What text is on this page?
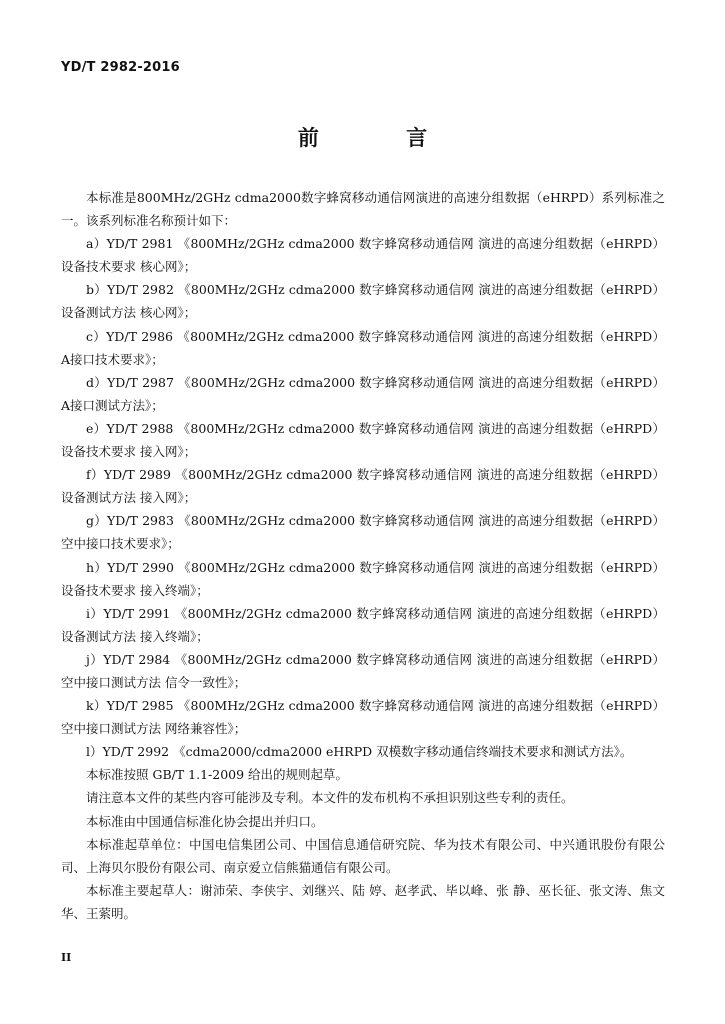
YD/T 2982-2016
前 言

本标准是800MHz/2GHz cdma2000数字蜂窝移动通信网演进的高速分组数据（eHRPD）系列标准之一。该系列标准名称预计如下：

a）YD/T 2981 《800MHz/2GHz cdma2000 数字蜂窝移动通信网 演进的高速分组数据（eHRPD）设备技术要求 核心网》；

b）YD/T 2982 《800MHz/2GHz cdma2000 数字蜂窝移动通信网 演进的高速分组数据（eHRPD）设备测试方法 核心网》；

c）YD/T 2986 《800MHz/2GHz cdma2000 数字蜂窝移动通信网 演进的高速分组数据（eHRPD）A接口技术要求》；

d）YD/T 2987 《800MHz/2GHz cdma2000 数字蜂窝移动通信网 演进的高速分组数据（eHRPD）A接口测试方法》；

e）YD/T 2988 《800MHz/2GHz cdma2000 数字蜂窝移动通信网 演进的高速分组数据（eHRPD）设备技术要求 接入网》；

f）YD/T 2989 《800MHz/2GHz cdma2000 数字蜂窝移动通信网 演进的高速分组数据（eHRPD）设备测试方法 接入网》；

g）YD/T 2983 《800MHz/2GHz cdma2000 数字蜂窝移动通信网 演进的高速分组数据（eHRPD）空中接口技术要求》；

h）YD/T 2990 《800MHz/2GHz cdma2000 数字蜂窝移动通信网 演进的高速分组数据（eHRPD）设备技术要求 接入终端》；

i）YD/T 2991 《800MHz/2GHz cdma2000 数字蜂窝移动通信网 演进的高速分组数据（eHRPD）设备测试方法 接入终端》；

j）YD/T 2984 《800MHz/2GHz cdma2000 数字蜂窝移动通信网 演进的高速分组数据（eHRPD）空中接口测试方法 信令一致性》；

k）YD/T 2985 《800MHz/2GHz cdma2000 数字蜂窝移动通信网 演进的高速分组数据（eHRPD）空中接口测试方法 网络兼容性》；

l）YD/T 2992 《cdma2000/cdma2000 eHRPD 双模数字移动通信终端技术要求和测试方法》。

本标准按照 GB/T 1.1-2009 给出的规则起草。

请注意本文件的某些内容可能涉及专利。本文件的发布机构不承担识别这些专利的责任。

本标准由中国通信标准化协会提出并归口。

本标准起草单位：中国电信集团公司、中国信息通信研究院、华为技术有限公司、中兴通讯股份有限公司、上海贝尔股份有限公司、南京爱立信熊猫通信有限公司。

本标准主要起草人：谢沛荣、李侠宇、刘继兴、陆 婷、赵孝武、毕以峰、张 静、巫长征、张文涛、焦文华、王萦明。

II
